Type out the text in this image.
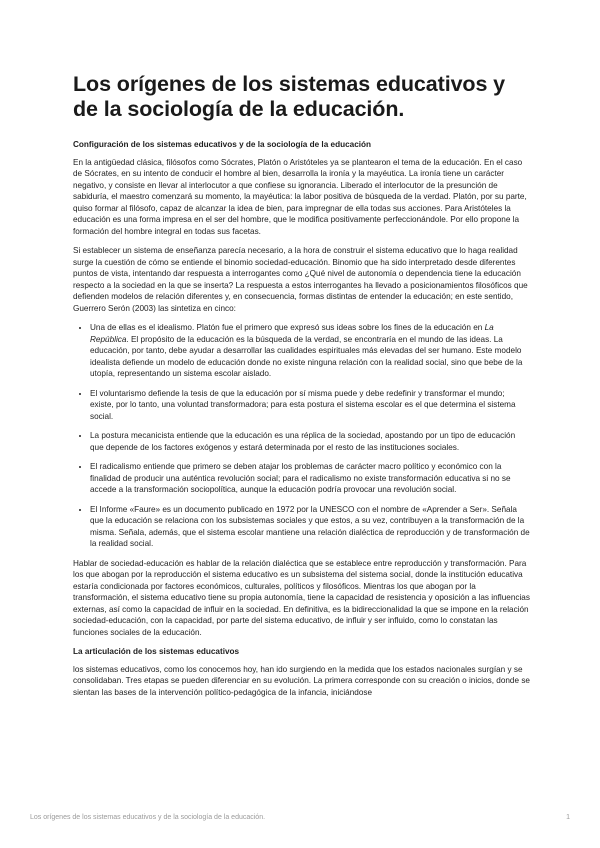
Los orígenes de los sistemas educativos y de la sociología de la educación.
Configuración de los sistemas educativos y de la sociología de la educación

En la antigüedad clásica, filósofos como Sócrates, Platón o Aristóteles ya se plantearon el tema de la educación. En el caso de Sócrates, en su intento de conducir el hombre al bien, desarrolla la ironía y la mayéutica. La ironía tiene un carácter negativo, y consiste en llevar al interlocutor a que confiese su ignorancia. Liberado el interlocutor de la presunción de sabiduría, el maestro comenzará su momento, la mayéutica: la labor positiva de búsqueda de la verdad. Platón, por su parte, quiso formar al filósofo, capaz de alcanzar la idea de bien, para impregnar de ella todas sus acciones. Para Aristóteles la educación es una forma impresa en el ser del hombre, que le modifica positivamente perfeccionándole. Por ello propone la formación del hombre integral en todas sus facetas.

Si establecer un sistema de enseñanza parecía necesario, a la hora de construir el sistema educativo que lo haga realidad surge la cuestión de cómo se entiende el binomio sociedad-educación. Binomio que ha sido interpretado desde diferentes puntos de vista, intentando dar respuesta a interrogantes como ¿Qué nivel de autonomía o dependencia tiene la educación respecto a la sociedad en la que se inserta? La respuesta a estos interrogantes ha llevado a posicionamientos filosóficos que defienden modelos de relación diferentes y, en consecuencia, formas distintas de entender la educación; en este sentido, Guerrero Serón (2003) las sintetiza en cinco:

• Una de ellas es el idealismo. Platón fue el primero que expresó sus ideas sobre los fines de la educación en La República. El propósito de la educación es la búsqueda de la verdad, se encontraría en el mundo de las ideas. La educación, por tanto, debe ayudar a desarrollar las cualidades espirituales más elevadas del ser humano. Este modelo idealista defiende un modelo de educación donde no existe ninguna relación con la realidad social, sino que bebe de la utopía, representando un sistema escolar aislado.
• El voluntarismo defiende la tesis de que la educación por sí misma puede y debe redefinir y transformar el mundo; existe, por lo tanto, una voluntad transformadora; para esta postura el sistema escolar es el que determina el sistema social.
• La postura mecanicista entiende que la educación es una réplica de la sociedad, apostando por un tipo de educación que depende de los factores exógenos y estará determinada por el resto de las instituciones sociales.
• El radicalismo entiende que primero se deben atajar los problemas de carácter macro político y económico con la finalidad de producir una auténtica revolución social; para el radicalismo no existe transformación educativa si no se accede a la transformación sociopolítica, aunque la educación podría provocar una revolución social.
• El Informe «Faure» es un documento publicado en 1972 por la UNESCO con el nombre de «Aprender a Ser». Señala que la educación se relaciona con los subsistemas sociales y que estos, a su vez, contribuyen a la transformación de la misma. Señala, además, que el sistema escolar mantiene una relación dialéctica de reproducción y de transformación de la realidad social.

Hablar de sociedad-educación es hablar de la relación dialéctica que se establece entre reproducción y transformación. Para los que abogan por la reproducción el sistema educativo es un subsistema del sistema social, donde la institución educativa estaría condicionada por factores económicos, culturales, políticos y filosóficos. Mientras los que abogan por la transformación, el sistema educativo tiene su propia autonomía, tiene la capacidad de resistencia y oposición a las influencias externas, así como la capacidad de influir en la sociedad. En definitiva, es la bidireccionalidad la que se impone en la relación sociedad-educación, con la capacidad, por parte del sistema educativo, de influir y ser influido, como lo constatan las funciones sociales de la educación.

La articulación de los sistemas educativos

los sistemas educativos, como los conocemos hoy, han ido surgiendo en la medida que los estados nacionales surgían y se consolidaban. Tres etapas se pueden diferenciar en su evolución. La primera corresponde con su creación o inicios, donde se sientan las bases de la intervención político-pedagógica de la infancia, iniciándose

Los orígenes de los sistemas educativos y de la sociología de la educación.	1
